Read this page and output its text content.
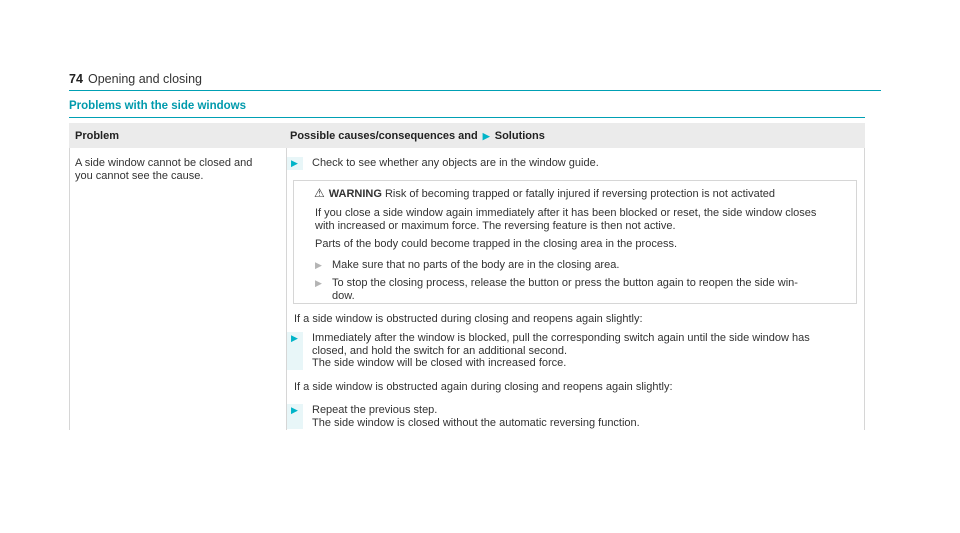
74 Opening and closing
Problems with the side windows
Problem	Possible causes/consequences and ▶ Solutions
A side window cannot be closed and
you cannot see the cause.
▶ Check to see whether any objects are in the window guide.
⚠ WARNING Risk of becoming trapped or fatally injured if reversing protection is not activated
If you close a side window again immediately after it has been blocked or reset, the side window closes
with increased or maximum force. The reversing feature is then not active.
Parts of the body could become trapped in the closing area in the process.
▶ Make sure that no parts of the body are in the closing area.
▶ To stop the closing process, release the button or press the button again to reopen the side win-
dow.
If a side window is obstructed during closing and reopens again slightly:
▶ Immediately after the window is blocked, pull the corresponding switch again until the side window has
closed, and hold the switch for an additional second.
The side window will be closed with increased force.
If a side window is obstructed again during closing and reopens again slightly:
▶ Repeat the previous step.
The side window is closed without the automatic reversing function.
